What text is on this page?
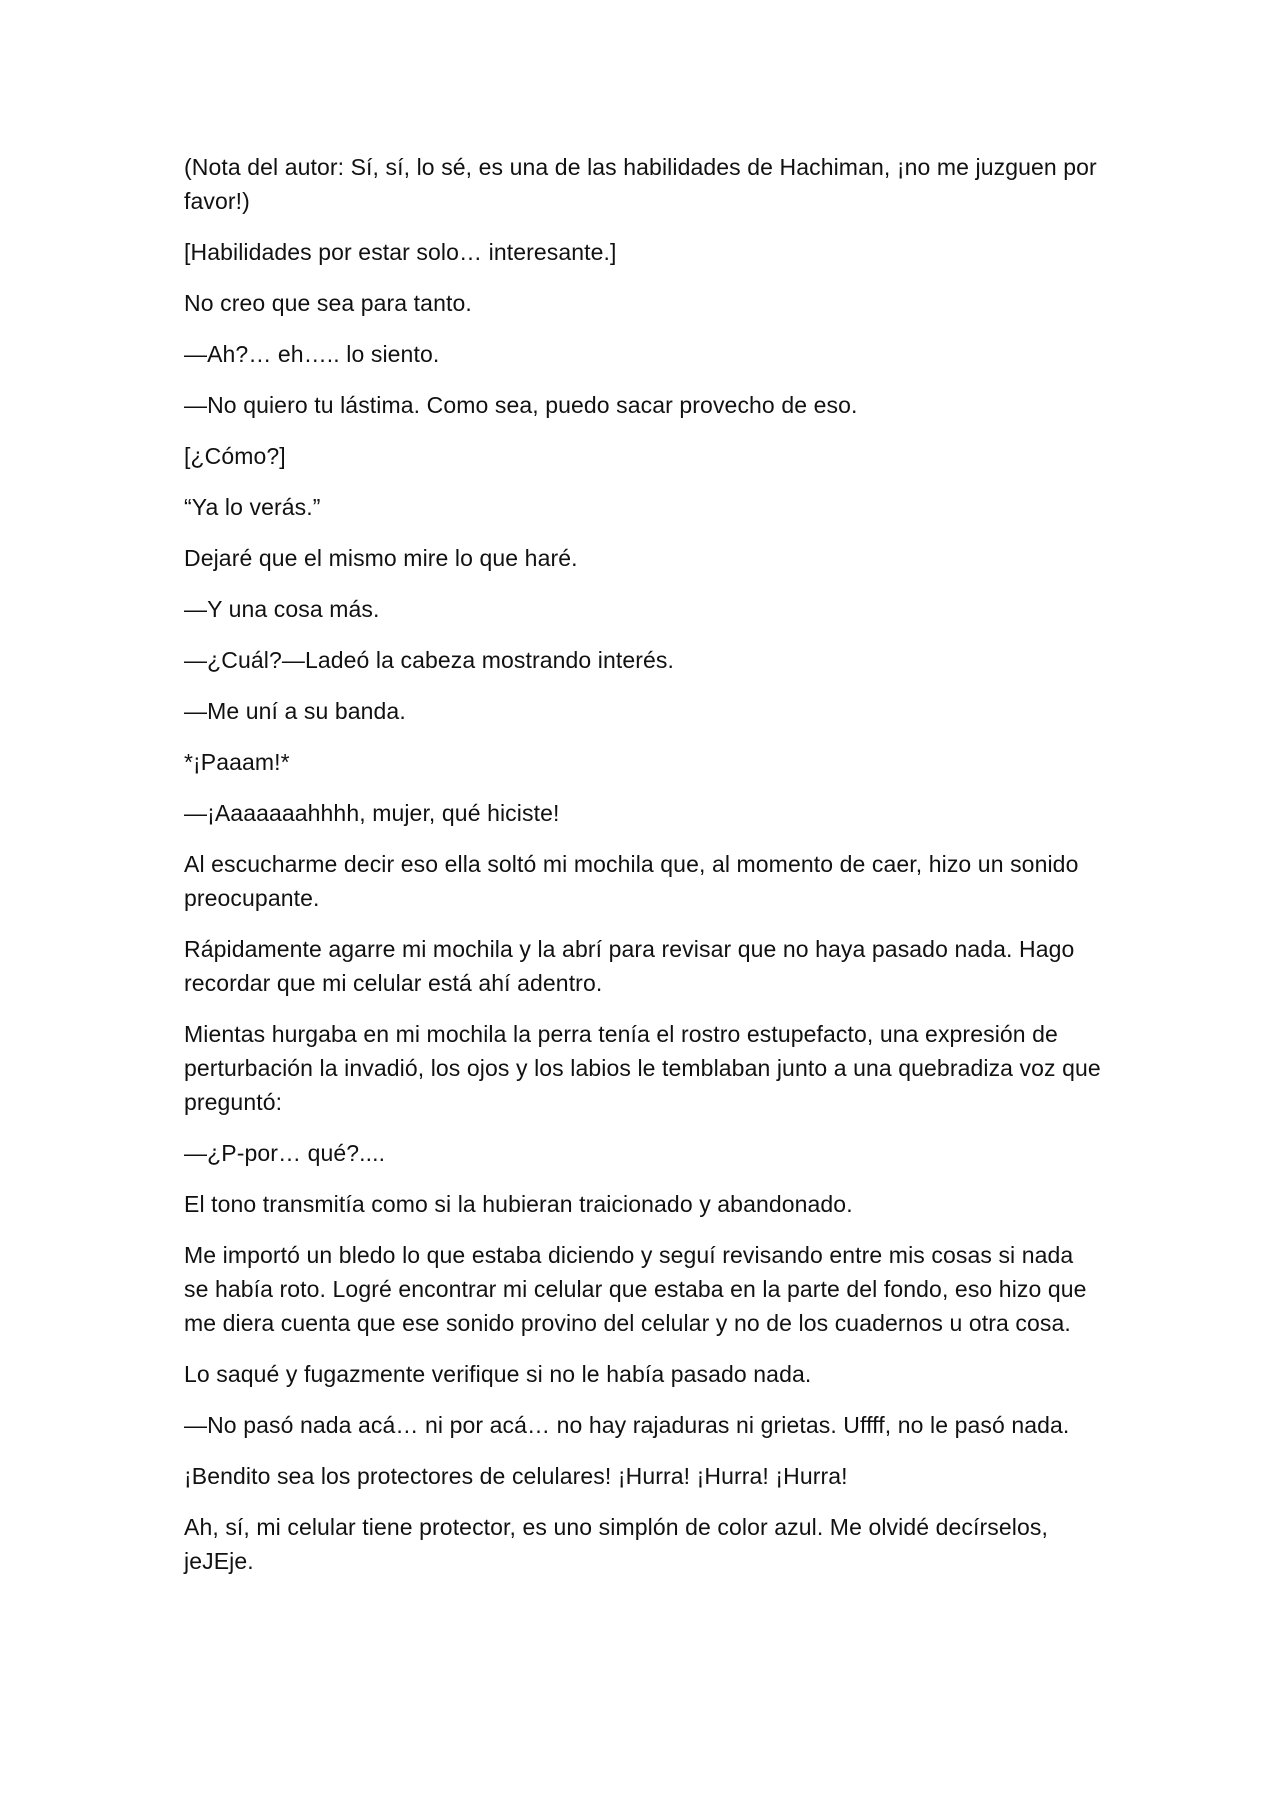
(Nota del autor: Sí, sí, lo sé, es una de las habilidades de Hachiman, ¡no me juzguen por favor!)

[Habilidades por estar solo… interesante.]

No creo que sea para tanto.

—Ah?… eh….. lo siento.

—No quiero tu lástima. Como sea, puedo sacar provecho de eso.

[¿Cómo?]

“Ya lo verás.”

Dejaré que el mismo mire lo que haré.

—Y una cosa más.

—¿Cuál?—Ladeó la cabeza mostrando interés.

—Me uní a su banda.

*¡Paaam!*

—¡Aaaaaaahhhh, mujer, qué hiciste!

Al escucharme decir eso ella soltó mi mochila que, al momento de caer, hizo un sonido preocupante.

Rápidamente agarre mi mochila y la abrí para revisar que no haya pasado nada. Hago recordar que mi celular está ahí adentro.

Mientas hurgaba en mi mochila la perra tenía el rostro estupefacto, una expresión de perturbación la invadió, los ojos y los labios le temblaban junto a una quebradiza voz que preguntó:

—¿P-por… qué?....

El tono transmitía como si la hubieran traicionado y abandonado.

Me importó un bledo lo que estaba diciendo y seguí revisando entre mis cosas si nada se había roto. Logré encontrar mi celular que estaba en la parte del fondo, eso hizo que me diera cuenta que ese sonido provino del celular y no de los cuadernos u otra cosa.

Lo saqué y fugazmente verifique si no le había pasado nada.

—No pasó nada acá… ni por acá… no hay rajaduras ni grietas. Uffff, no le pasó nada.

¡Bendito sea los protectores de celulares! ¡Hurra! ¡Hurra! ¡Hurra!

Ah, sí, mi celular tiene protector, es uno simplón de color azul. Me olvidé decírselos, jeJEje.
